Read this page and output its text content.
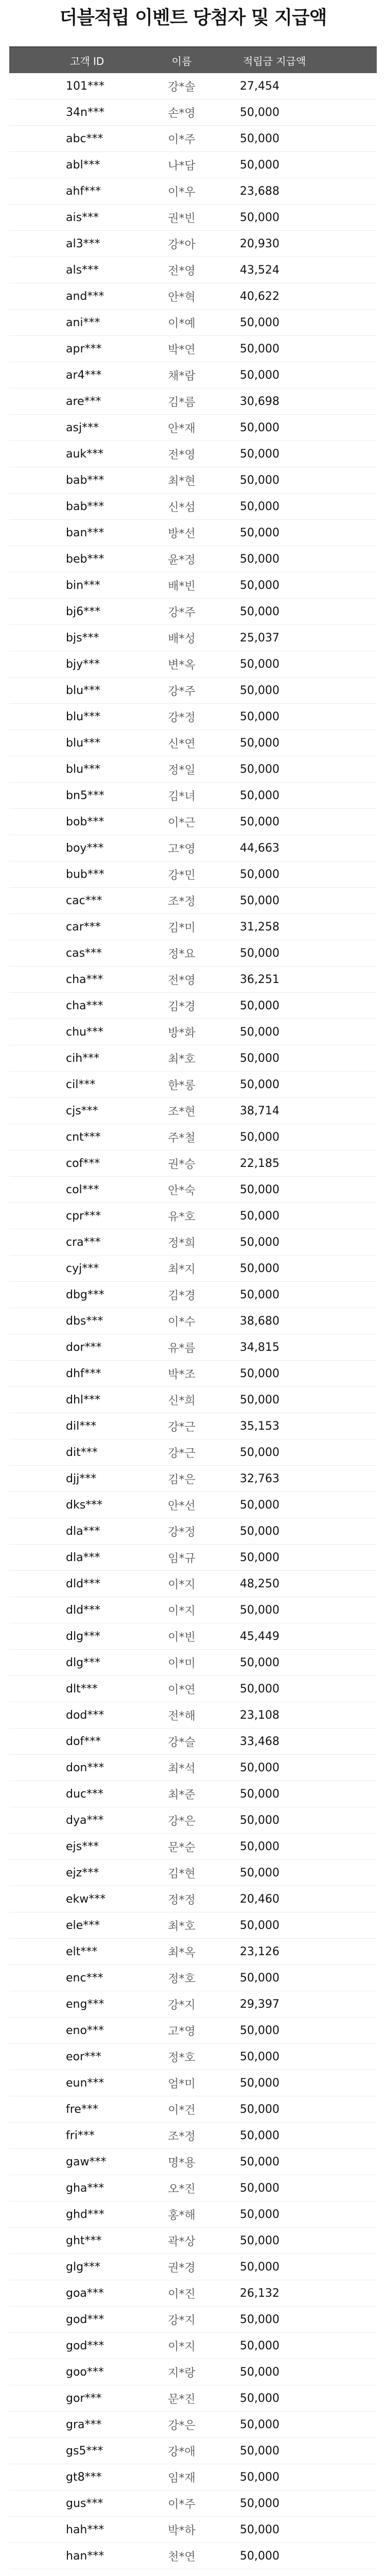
더블적립 이벤트 당첨자 및 지급액
고객 ID	이름	적립금 지급액
101***	강*솔	27,454
34n***	손*영	50,000
abc***	이*주	50,000
abl***	나*담	50,000
ahf***	이*우	23,688
ais***	권*빈	50,000
al3***	강*아	20,930
als***	전*영	43,524
and***	안*혁	40,622
ani***	이*예	50,000
apr***	박*연	50,000
ar4***	채*람	50,000
are***	김*름	30,698
asj***	안*재	50,000
auk***	전*영	50,000
bab***	최*현	50,000
bab***	신*섬	50,000
ban***	방*선	50,000
beb***	윤*정	50,000
bin***	배*빈	50,000
bj6***	강*주	50,000
bjs***	배*성	25,037
bjy***	변*옥	50,000
blu***	강*주	50,000
blu***	강*정	50,000
blu***	신*연	50,000
blu***	정*일	50,000
bn5***	김*녀	50,000
bob***	이*근	50,000
boy***	고*영	44,663
bub***	강*민	50,000
cac***	조*정	50,000
car***	김*미	31,258
cas***	정*요	50,000
cha***	전*영	36,251
cha***	김*경	50,000
chu***	방*화	50,000
cih***	최*호	50,000
cil***	한*롱	50,000
cjs***	조*현	38,714
cnt***	주*철	50,000
cof***	권*승	22,185
col***	안*숙	50,000
cpr***	유*호	50,000
cra***	정*희	50,000
cyj***	최*지	50,000
dbg***	김*경	50,000
dbs***	이*수	38,680
dor***	유*름	34,815
dhf***	박*조	50,000
dhl***	신*희	50,000
dil***	강*근	35,153
dit***	강*근	50,000
djj***	김*은	32,763
dks***	안*선	50,000
dla***	강*정	50,000
dla***	임*규	50,000
dld***	이*지	48,250
dld***	이*지	50,000
dlg***	이*빈	45,449
dlg***	이*미	50,000
dlt***	이*연	50,000
dod***	전*해	23,108
dof***	강*슬	33,468
don***	최*석	50,000
duc***	최*준	50,000
dya***	강*은	50,000
ejs***	문*순	50,000
ejz***	김*현	50,000
ekw***	정*정	20,460
ele***	최*호	50,000
elt***	최*옥	23,126
enc***	정*호	50,000
eng***	강*지	29,397
eno***	고*영	50,000
eor***	정*호	50,000
eun***	엄*미	50,000
fre***	이*건	50,000
fri***	조*정	50,000
gaw***	명*용	50,000
gha***	오*진	50,000
ghd***	홍*해	50,000
ght***	곽*상	50,000
glg***	권*경	50,000
goa***	이*진	26,132
god***	강*지	50,000
god***	이*지	50,000
goo***	지*랑	50,000
gor***	문*진	50,000
gra***	강*은	50,000
gs5***	강*애	50,000
gt8***	임*재	50,000
gus***	이*주	50,000
hah***	박*하	50,000
han***	천*연	50,000
